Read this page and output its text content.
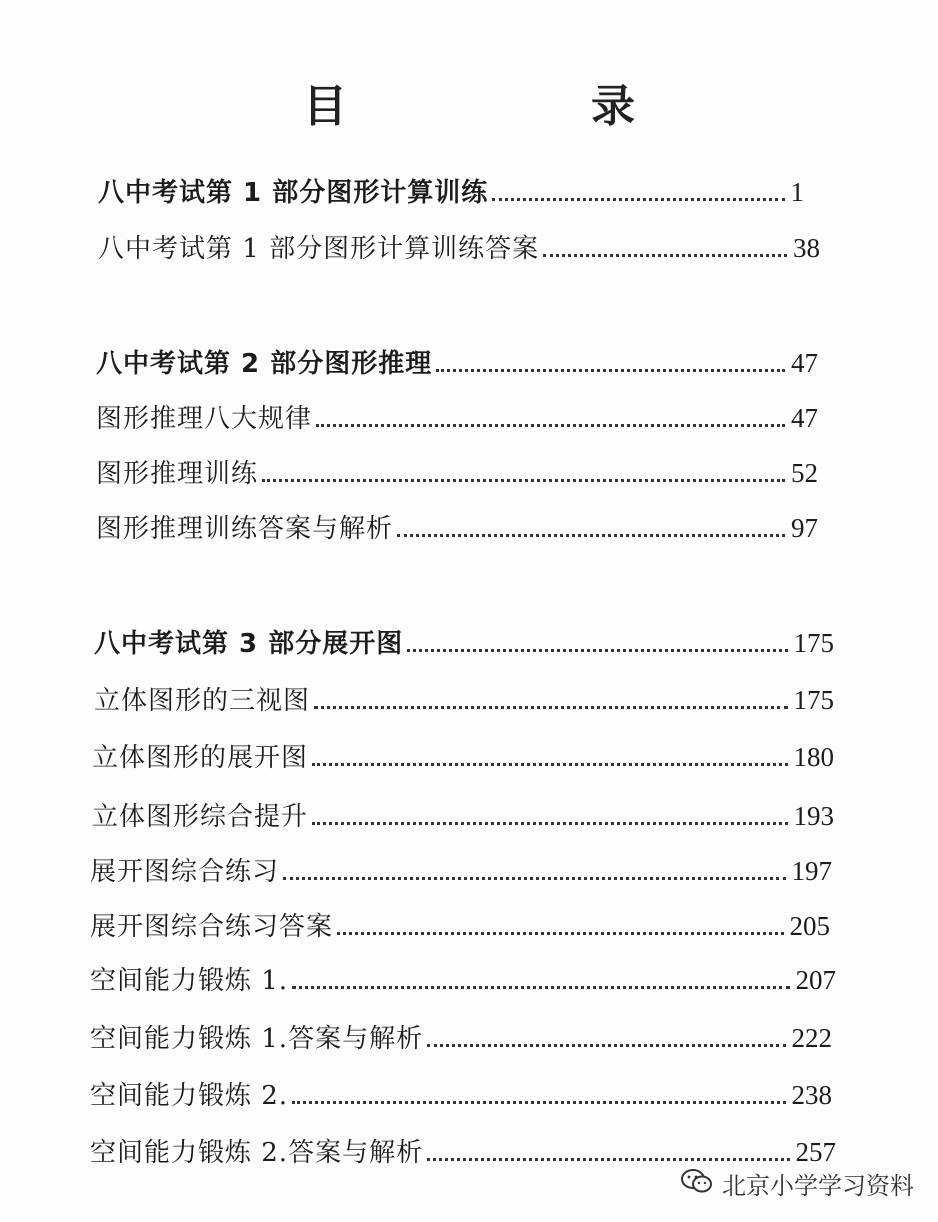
目　录
八中考试第 1 部分图形计算训练	1
八中考试第 1 部分图形计算训练答案	38
八中考试第 2 部分图形推理	47
图形推理八大规律	47
图形推理训练	52
图形推理训练答案与解析	97
八中考试第 3 部分展开图	175
立体图形的三视图	175
立体图形的展开图	180
立体图形综合提升	193
展开图综合练习	197
展开图综合练习答案	205
空间能力锻炼 1.	207
空间能力锻炼 1.答案与解析	222
空间能力锻炼 2.	238
空间能力锻炼 2.答案与解析	257
北京小学学习资料
